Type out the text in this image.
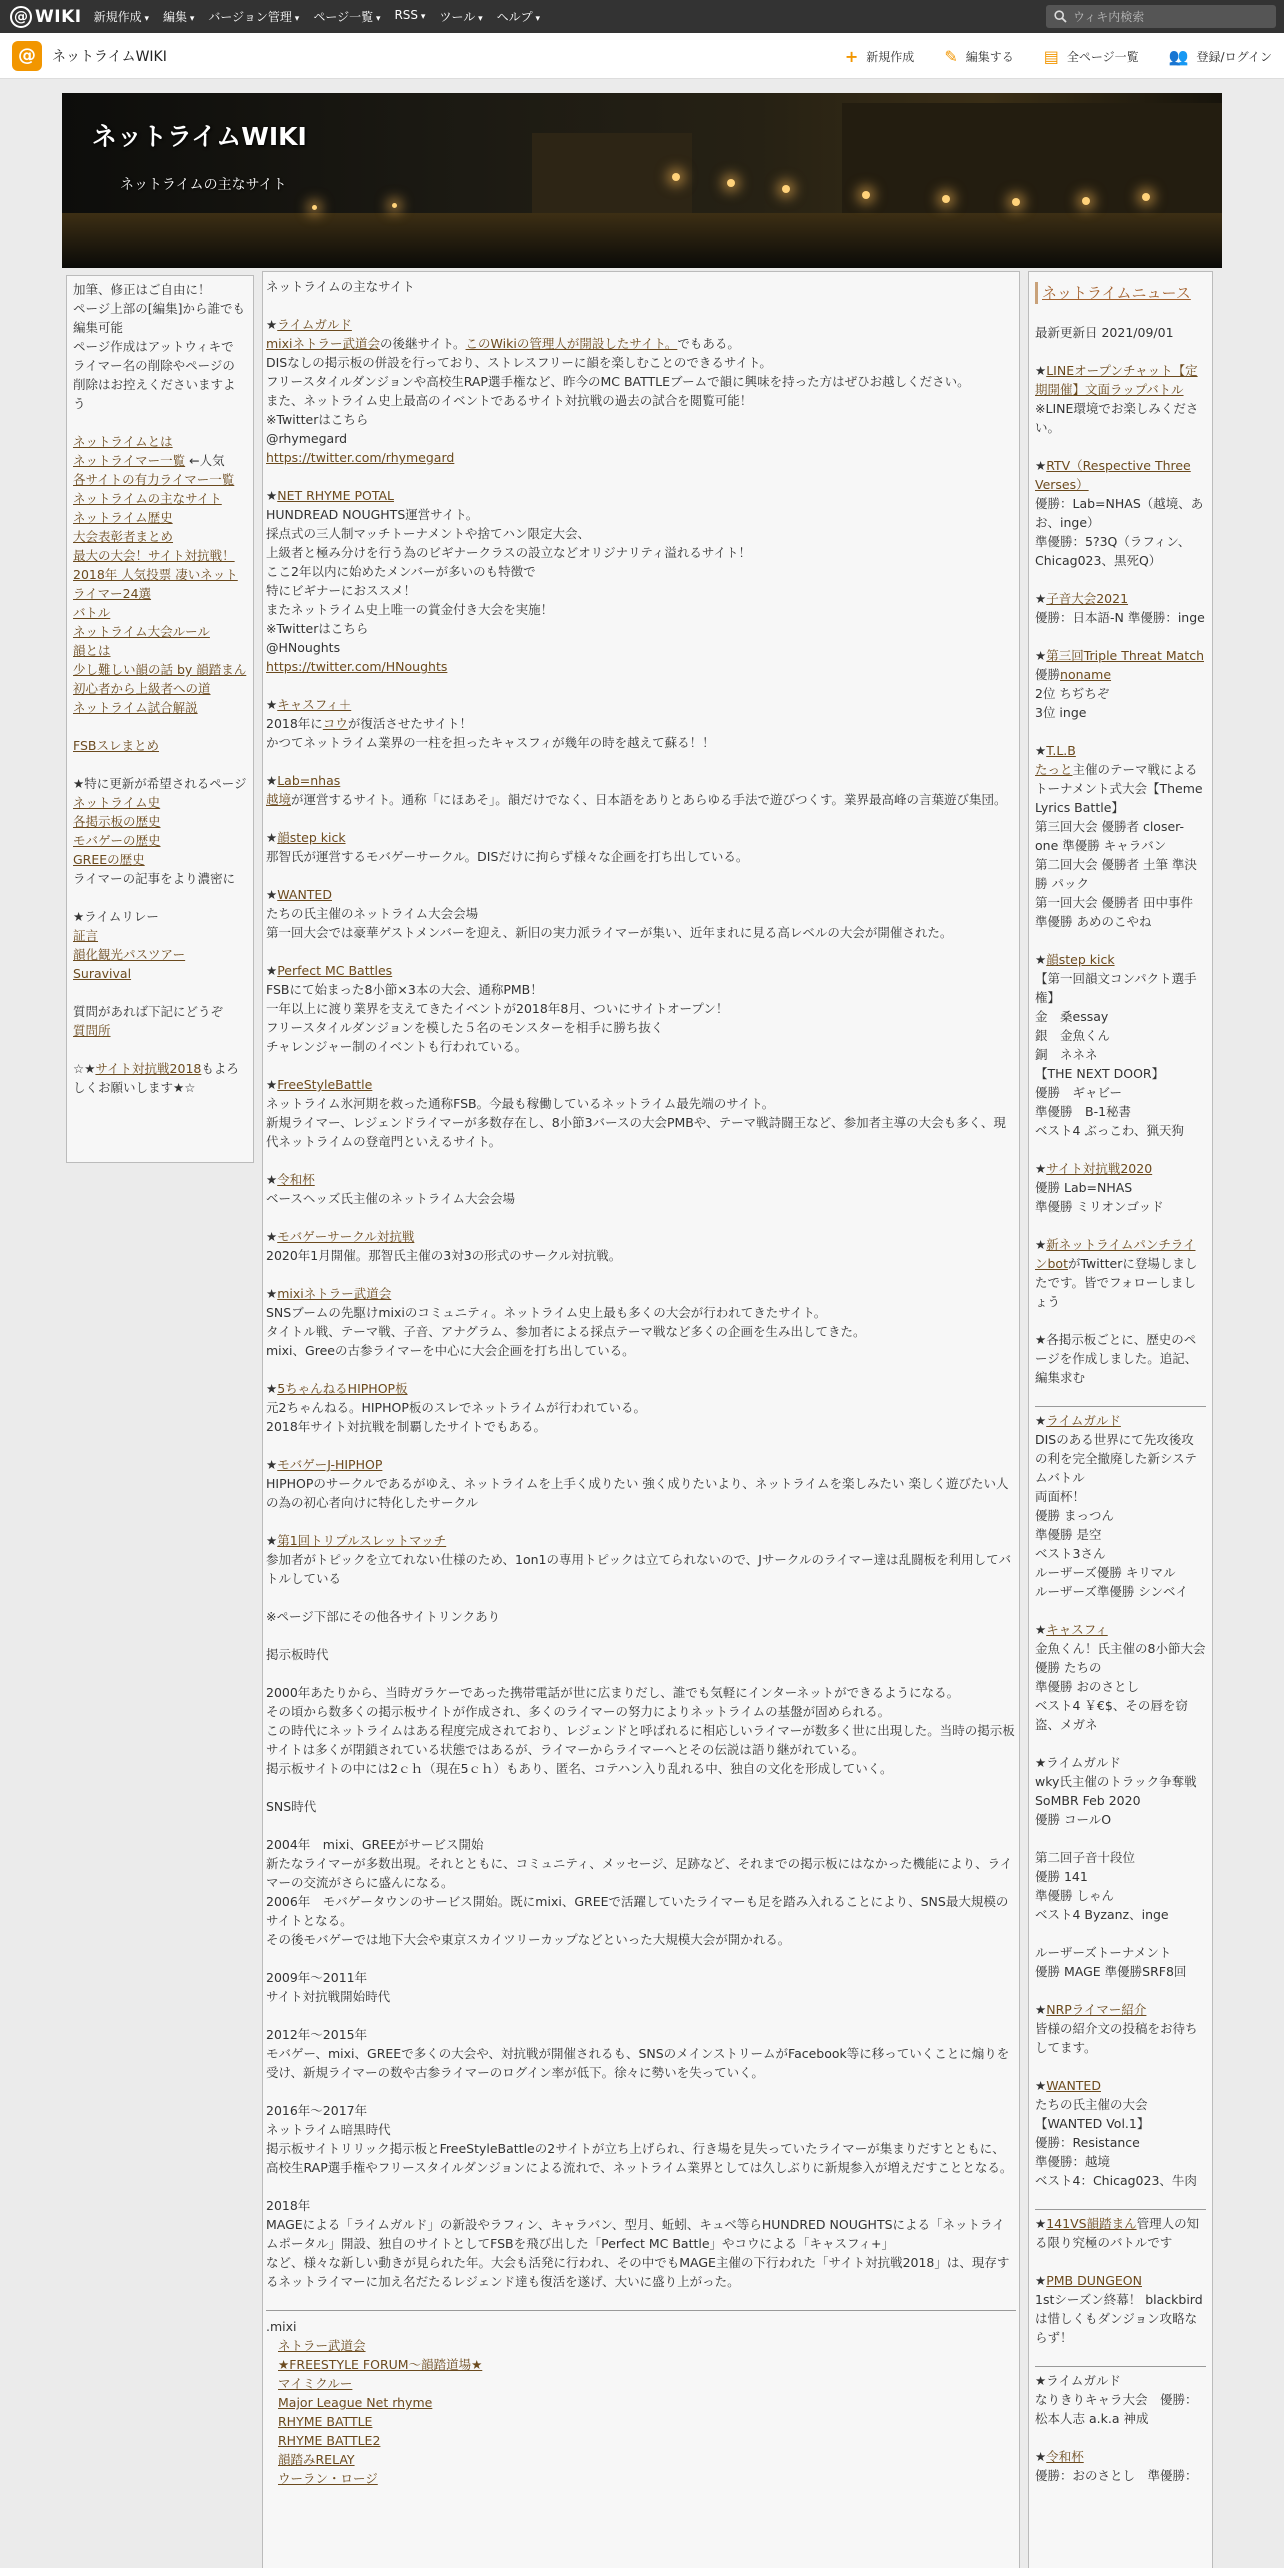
@ WIKI 新規作成 ▾	編集 ▾	バージョン管理 ▾	ページ一覧 ▾	RSS ▾	ツール ▾	ヘルプ ▾
ウィキ内検索
@	ネットライムWIKI	+ 新規作成 ✎ 編集する ▤ 全ページ一覧 👥 登録/ログイン
ネットライムWIKI
ネットライムの主なサイト

加筆、修正はご自由に！

ページ上部の[編集]から誰でも編集可能

ページ作成はアットウィキで

ライマー名の削除やページの削除はお控えくださいますよう

ネットライムとは

ネットライマー一覧 ←人気

各サイトの有力ライマー一覧

ネットライムの主なサイト

ネットライム歴史

大会表彰者まとめ

最大の大会！サイト対抗戦！

2018年 人気投票 凄いネットライマー24選

バトル

ネットライム大会ルール

韻とは

少し難しい韻の話 by 韻踏まん

初心者から上級者への道

ネットライム試合解説

FSBスレまとめ

★特に更新が希望されるページ

ネットライム史

各掲示板の歴史

モバゲーの歴史

GREEの歴史

ライマーの記事をより濃密に

★ライムリレー

証言

韻化観光パスツアー

Suravival

質問があれば下記にどうぞ

質問所

☆★サイト対抗戦2018もよろしくお願いします★☆

ネットライムの主なサイト

★ライムガルド

mixiネトラー武道会の後継サイト。このWikiの管理人が開設したサイト。でもある。

DISなしの掲示板の併設を行っており、ストレスフリーに韻を楽しむことのできるサイト。

フリースタイルダンジョンや高校生RAP選手権など、昨今のMC BATTLEブームで韻に興味を持った方はぜひお越しください。

また、ネットライム史上最高のイベントであるサイト対抗戦の過去の試合を閲覧可能！

※Twitterはこちら

@rhymegard

https://twitter.com/rhymegard

★NET RHYME POTAL

HUNDREAD NOUGHTS運営サイト。

採点式の三人制マッチトーナメントや捨てハン限定大会、

上級者と極み分けを行う為のビギナークラスの設立などオリジナリティ溢れるサイト！

ここ2年以内に始めたメンバーが多いのも特徴で

特にビギナーにおススメ！

またネットライム史上唯一の賞金付き大会を実施！

※Twitterはこちら

@HNoughts

https://twitter.com/HNoughts

★キャスフィ＋

2018年にコウが復活させたサイト！

かつてネットライム業界の一柱を担ったキャスフィが幾年の時を越えて蘇る！！

★Lab=nhas

越境が運営するサイト。通称「にほあそ」。韻だけでなく、日本語をありとあらゆる手法で遊びつくす。業界最高峰の言葉遊び集団。

★韻step kick

那智氏が運営するモバゲーサークル。DISだけに拘らず様々な企画を打ち出している。

★WANTED

たちの氏主催のネットライム大会会場

第一回大会では豪華ゲストメンバーを迎え、新旧の実力派ライマーが集い、近年まれに見る高レベルの大会が開催された。

★Perfect MC Battles

FSBにて始まった8小節×3本の大会、通称PMB！

一年以上に渡り業界を支えてきたイベントが2018年8月、ついにサイトオープン！

フリースタイルダンジョンを模した５名のモンスターを相手に勝ち抜く

チャレンジャー制のイベントも行われている。

★FreeStyleBattle

ネットライム氷河期を救った通称FSB。今最も稼働しているネットライム最先端のサイト。

新規ライマー、レジェンドライマーが多数存在し、8小節3バースの大会PMBや、テーマ戦詩闘王など、参加者主導の大会も多く、現代ネットライムの登竜門といえるサイト。

★令和杯

ベースヘッズ氏主催のネットライム大会会場

★モバゲーサークル対抗戦

2020年1月開催。那智氏主催の3対3の形式のサークル対抗戦。

★mixiネトラー武道会

SNSブームの先駆けmixiのコミュニティ。ネットライム史上最も多くの大会が行われてきたサイト。

タイトル戦、テーマ戦、子音、アナグラム、参加者による採点テーマ戦など多くの企画を生み出してきた。

mixi、Greeの古参ライマーを中心に大会企画を打ち出している。

★5ちゃんねるHIPHOP板

元2ちゃんねる。HIPHOP板のスレでネットライムが行われている。

2018年サイト対抗戦を制覇したサイトでもある。

★モバゲーJ-HIPHOP

HIPHOPのサークルであるがゆえ、ネットライムを上手く成りたい 強く成りたいより、ネットライムを楽しみたい 楽しく遊びたい人の為の初心者向けに特化したサークル

★第1回トリプルスレットマッチ

参加者がトピックを立てれない仕様のため、1on1の専用トピックは立てられないので、Jサークルのライマー達は乱闘板を利用してバトルしている

※ページ下部にその他各サイトリンクあり

掲示板時代

2000年あたりから、当時ガラケーであった携帯電話が世に広まりだし、誰でも気軽にインターネットができるようになる。

その頃から数多くの掲示板サイトが作成され、多くのライマーの努力によりネットライムの基盤が固められる。

この時代にネットライムはある程度完成されており、レジェンドと呼ばれるに相応しいライマーが数多く世に出現した。当時の掲示板サイトは多くが閉鎖されている状態ではあるが、ライマーからライマーへとその伝説は語り継がれている。

掲示板サイトの中には2ｃｈ（現在5ｃｈ）もあり、匿名、コテハン入り乱れる中、独自の文化を形成していく。

SNS時代

2004年　mixi、GREEがサービス開始

新たなライマーが多数出現。それとともに、コミュニティ、メッセージ、足跡など、それまでの掲示板にはなかった機能により、ライマーの交流がさらに盛んになる。

2006年　モバゲータウンのサービス開始。既にmixi、GREEで活躍していたライマーも足を踏み入れることにより、SNS最大規模のサイトとなる。

その後モバゲーでは地下大会や東京スカイツリーカップなどといった大規模大会が開かれる。

2009年～2011年

サイト対抗戦開始時代

2012年～2015年

モバゲー、mixi、GREEで多くの大会や、対抗戦が開催されるも、SNSのメインストリームがFacebook等に移っていくことに煽りを受け、新規ライマーの数や古参ライマーのログイン率が低下。徐々に勢いを失っていく。

2016年～2017年

ネットライム暗黒時代

掲示板サイトリリック掲示板とFreeStyleBattleの2サイトが立ち上げられ、行き場を見失っていたライマーが集まりだすとともに、高校生RAP選手権やフリースタイルダンジョンによる流れで、ネットライム業界としては久しぶりに新規参入が増えだすこととなる。

2018年

MAGEによる「ライムガルド」の新設やラフィン、キャラバン、型月、蚯蚓、キュベ等らHUNDRED NOUGHTSによる「ネットライムポータル」開設、独自のサイトとしてFSBを飛び出した「Perfect MC Battle」やコウによる「キャスフィ+」

など、様々な新しい動きが見られた年。大会も活発に行われ、その中でもMAGE主催の下行われた「サイト対抗戦2018」は、現存するネットライマーに加え名だたるレジェンド達も復活を遂げ、大いに盛り上がった。

.mixi

ネトラー武道会

★FREESTYLE FORUM～韻踏道場★

マイミクルー

Major League Net rhyme

RHYME BATTLE

RHYME BATTLE2

韻踏みRELAY

ウーラン・ロージ

ネットライムニュース

最新更新日 2021/09/01

★LINEオープンチャット【定期開催】文面ラップバトル

※LINE環境でお楽しみください。

★RTV（Respective Three Verses）

優勝：Lab=NHAS（越境、あお、inge）

準優勝：5?3Q（ラフィン、Chicag023、黒死Q）

★子音大会2021

優勝：日本語-N 準優勝：inge

★第三回Triple Threat Match

優勝noname

2位 ちぢちぞ

3位 inge

★T.L.B

たっと主催のテーマ戦によるトーナメント式大会【Theme Lyrics Battle】

第三回大会 優勝者 closer-one 準優勝 キャラバン

第二回大会 優勝者 土筆 準決勝 パック

第一回大会 優勝者 田中事件 準優勝 あめのこやね

★韻step kick

【第一回韻文コンパクト選手権】

金　桑essay

銀　金魚くん

銅　ネネネ

【THE NEXT DOOR】

優勝　ギャビー

準優勝　B-1秘書

ベスト4 ぶっこわ、猟天狗

★サイト対抗戦2020

優勝 Lab=NHAS

準優勝 ミリオンゴッド

★新ネットライムパンチラインbotがTwitterに登場しましたです。皆でフォローしましょう

★各掲示板ごとに、歴史のページを作成しました。追記、編集求む

★ライムガルド

DISのある世界にて先攻後攻の利を完全撤廃した新システムバトル

両面杯！

優勝 まっつん

準優勝 是空

ベスト3さん

ルーザーズ優勝 キリマル

ルーザーズ準優勝 シンベイ

★キャスフィ

金魚くん！氏主催の8小節大会

優勝 たちの

準優勝 おのさとし

ベスト4 ￥€$、その唇を窃盗、メガネ

★ライムガルド

wky氏主催のトラック争奪戦SoMBR Feb 2020

優勝 コールO

第二回子音十段位

優勝 141

準優勝 しゃん

ベスト4 Byzanz、inge

ルーザーズトーナメント

優勝 MAGE 準優勝SRF8回

★NRPライマー紹介

皆様の紹介文の投稿をお待ちしてます。

★WANTED

たちの氏主催の大会

【WANTED Vol.1】

優勝：Resistance

準優勝：越境

ベスト4：Chicag023、牛肉

★141VS韻踏まん管理人の知る限り究極のバトルです

★PMB DUNGEON

1stシーズン終幕！ blackbird は惜しくもダンジョン攻略ならず！

★ライムガルド

なりきりキャラ大会　優勝：松本人志 a.k.a 神成

★令和杯

優勝：おのさとし　準優勝：
